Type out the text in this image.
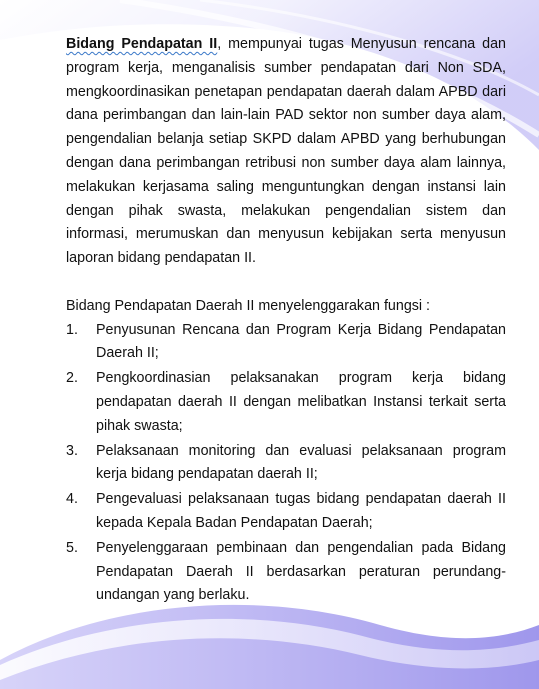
Bidang Pendapatan II, mempunyai tugas Menyusun rencana dan program kerja, menganalisis sumber pendapatan dari Non SDA, mengkoordinasikan penetapan pendapatan daerah dalam APBD dari dana perimbangan dan lain-lain PAD sektor non sumber daya alam, pengendalian belanja setiap SKPD dalam APBD yang berhubungan dengan dana perimbangan retribusi non sumber daya alam lainnya, melakukan kerjasama saling menguntungkan dengan instansi lain dengan pihak swasta, melakukan pengendalian sistem dan informasi, merumuskan dan menyusun kebijakan serta menyusun laporan bidang pendapatan II.

Bidang Pendapatan Daerah II menyelenggarakan fungsi :

1. Penyusunan Rencana dan Program Kerja Bidang Pendapatan Daerah II;
2. Pengkoordinasian pelaksanakan program kerja bidang pendapatan daerah II dengan melibatkan Instansi terkait serta pihak swasta;
3. Pelaksanaan monitoring dan evaluasi pelaksanaan program kerja bidang pendapatan daerah II;
4. Pengevaluasi pelaksanaan tugas bidang pendapatan daerah II kepada Kepala Badan Pendapatan Daerah;
5. Penyelenggaraan pembinaan dan pengendalian pada Bidang Pendapatan Daerah II berdasarkan peraturan perundang-undangan yang berlaku.
